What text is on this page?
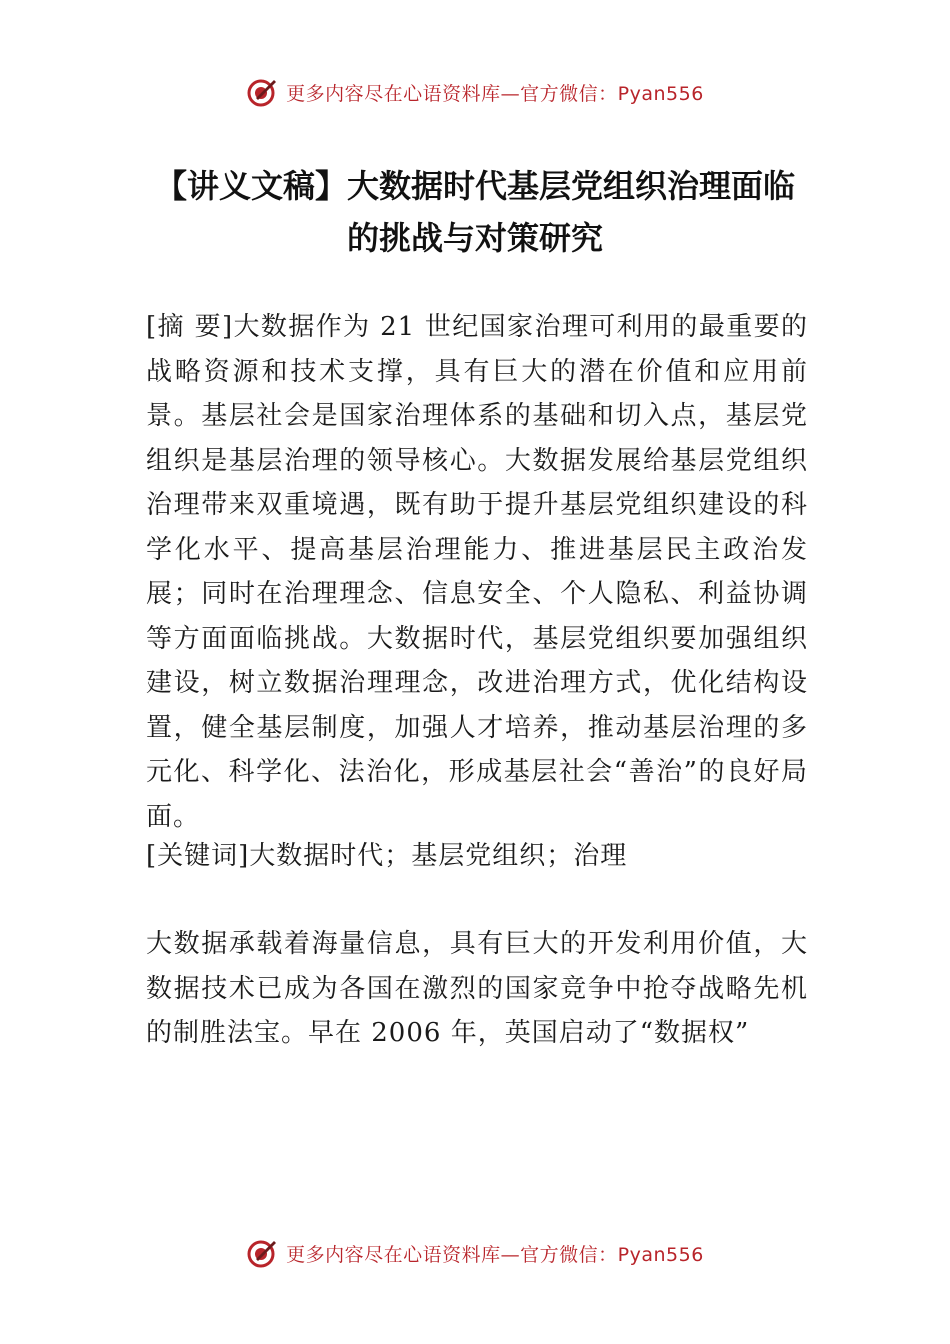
更多内容尽在心语资料库—官方微信：Pyan556
【讲义文稿】大数据时代基层党组织治理面临的挑战与对策研究

[摘 要]大数据作为 21 世纪国家治理可利用的最重要的战略资源和技术支撑，具有巨大的潜在价值和应用前景。基层社会是国家治理体系的基础和切入点，基层党组织是基层治理的领导核心。大数据发展给基层党组织治理带来双重境遇，既有助于提升基层党组织建设的科学化水平、提高基层治理能力、推进基层民主政治发展；同时在治理理念、信息安全、个人隐私、利益协调等方面面临挑战。大数据时代，基层党组织要加强组织建设，树立数据治理理念，改进治理方式，优化结构设置，健全基层制度，加强人才培养，推动基层治理的多元化、科学化、法治化，形成基层社会“善治”的良好局面。

[关键词]大数据时代；基层党组织；治理

大数据承载着海量信息，具有巨大的开发利用价值，大数据技术已成为各国在激烈的国家竞争中抢夺战略先机的制胜法宝。早在 2006 年，英国启动了“数据权”

更多内容尽在心语资料库—官方微信：Pyan556
